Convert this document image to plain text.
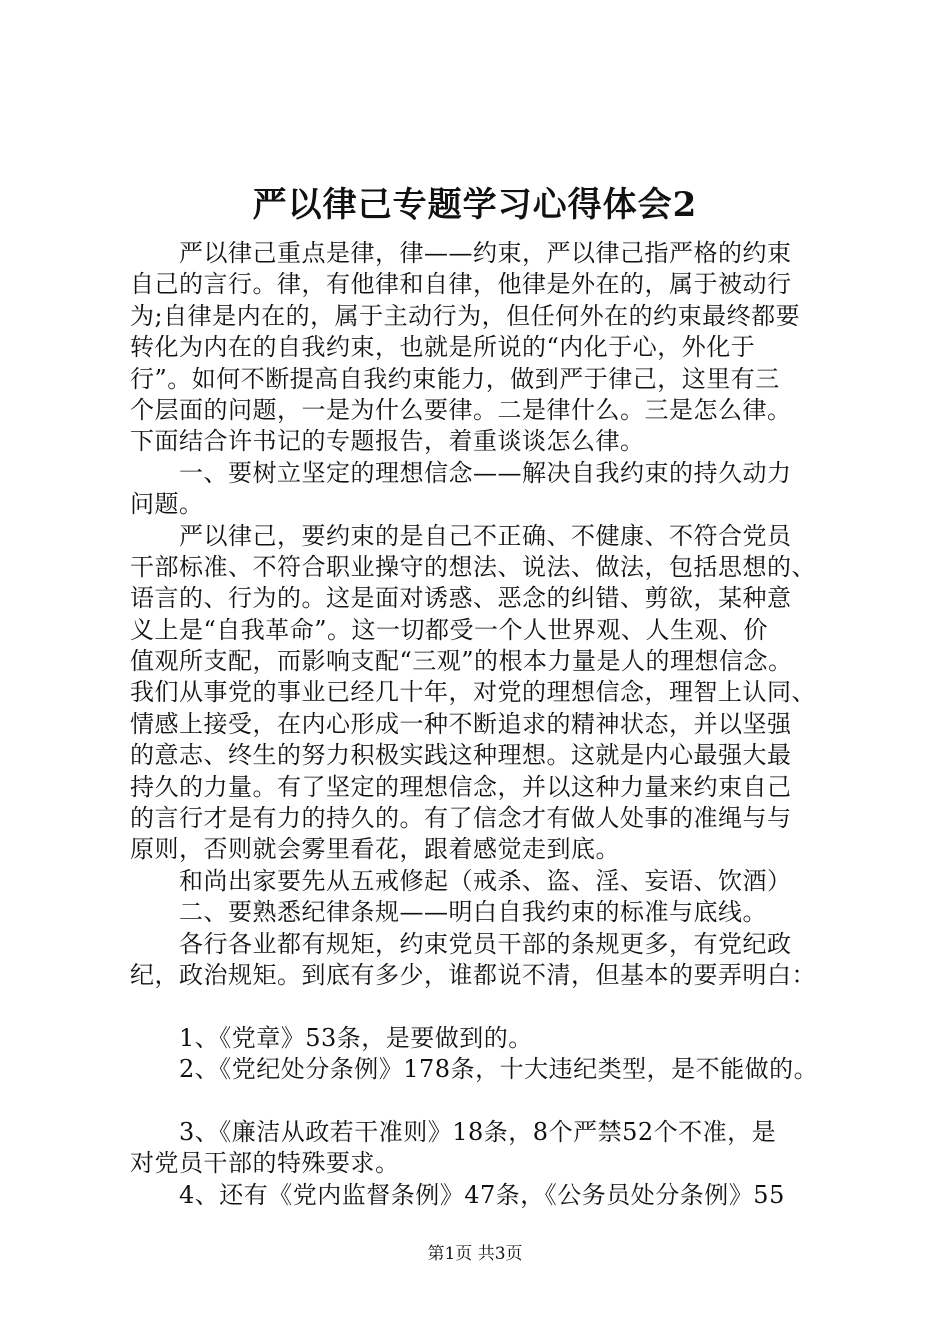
严以律己专题学习心得体会2
　　严以律己重点是律，律——约束，严以律己指严格的约束
自己的言行。律，有他律和自律，他律是外在的，属于被动行
为;自律是内在的，属于主动行为，但任何外在的约束最终都要
转化为内在的自我约束，也就是所说的“内化于心，外化于
行”。如何不断提高自我约束能力，做到严于律己，这里有三
个层面的问题，一是为什么要律。二是律什么。三是怎么律。
下面结合许书记的专题报告，着重谈谈怎么律。
　　一、要树立坚定的理想信念——解决自我约束的持久动力
问题。
　　严以律己，要约束的是自己不正确、不健康、不符合党员
干部标准、不符合职业操守的想法、说法、做法，包括思想的、
语言的、行为的。这是面对诱惑、恶念的纠错、剪欲，某种意
义上是“自我革命”。这一切都受一个人世界观、人生观、价
值观所支配，而影响支配“三观”的根本力量是人的理想信念。
我们从事党的事业已经几十年，对党的理想信念，理智上认同、
情感上接受，在内心形成一种不断追求的精神状态，并以坚强
的意志、终生的努力积极实践这种理想。这就是内心最强大最
持久的力量。有了坚定的理想信念，并以这种力量来约束自己
的言行才是有力的持久的。有了信念才有做人处事的准绳与与
原则，否则就会雾里看花，跟着感觉走到底。
　　和尚出家要先从五戒修起（戒杀、盗、淫、妄语、饮酒）
　　二、要熟悉纪律条规——明白自我约束的标准与底线。
　　各行各业都有规矩，约束党员干部的条规更多，有党纪政
纪，政治规矩。到底有多少，谁都说不清，但基本的要弄明白：
　　1、《党章》53条，是要做到的。
　　2、《党纪处分条例》178条，十大违纪类型，是不能做的。
　　3、《廉洁从政若干准则》18条，8个严禁52个不准，是
对党员干部的特殊要求。
　　4、还有《党内监督条例》47条，《公务员处分条例》55
第1页 共3页
